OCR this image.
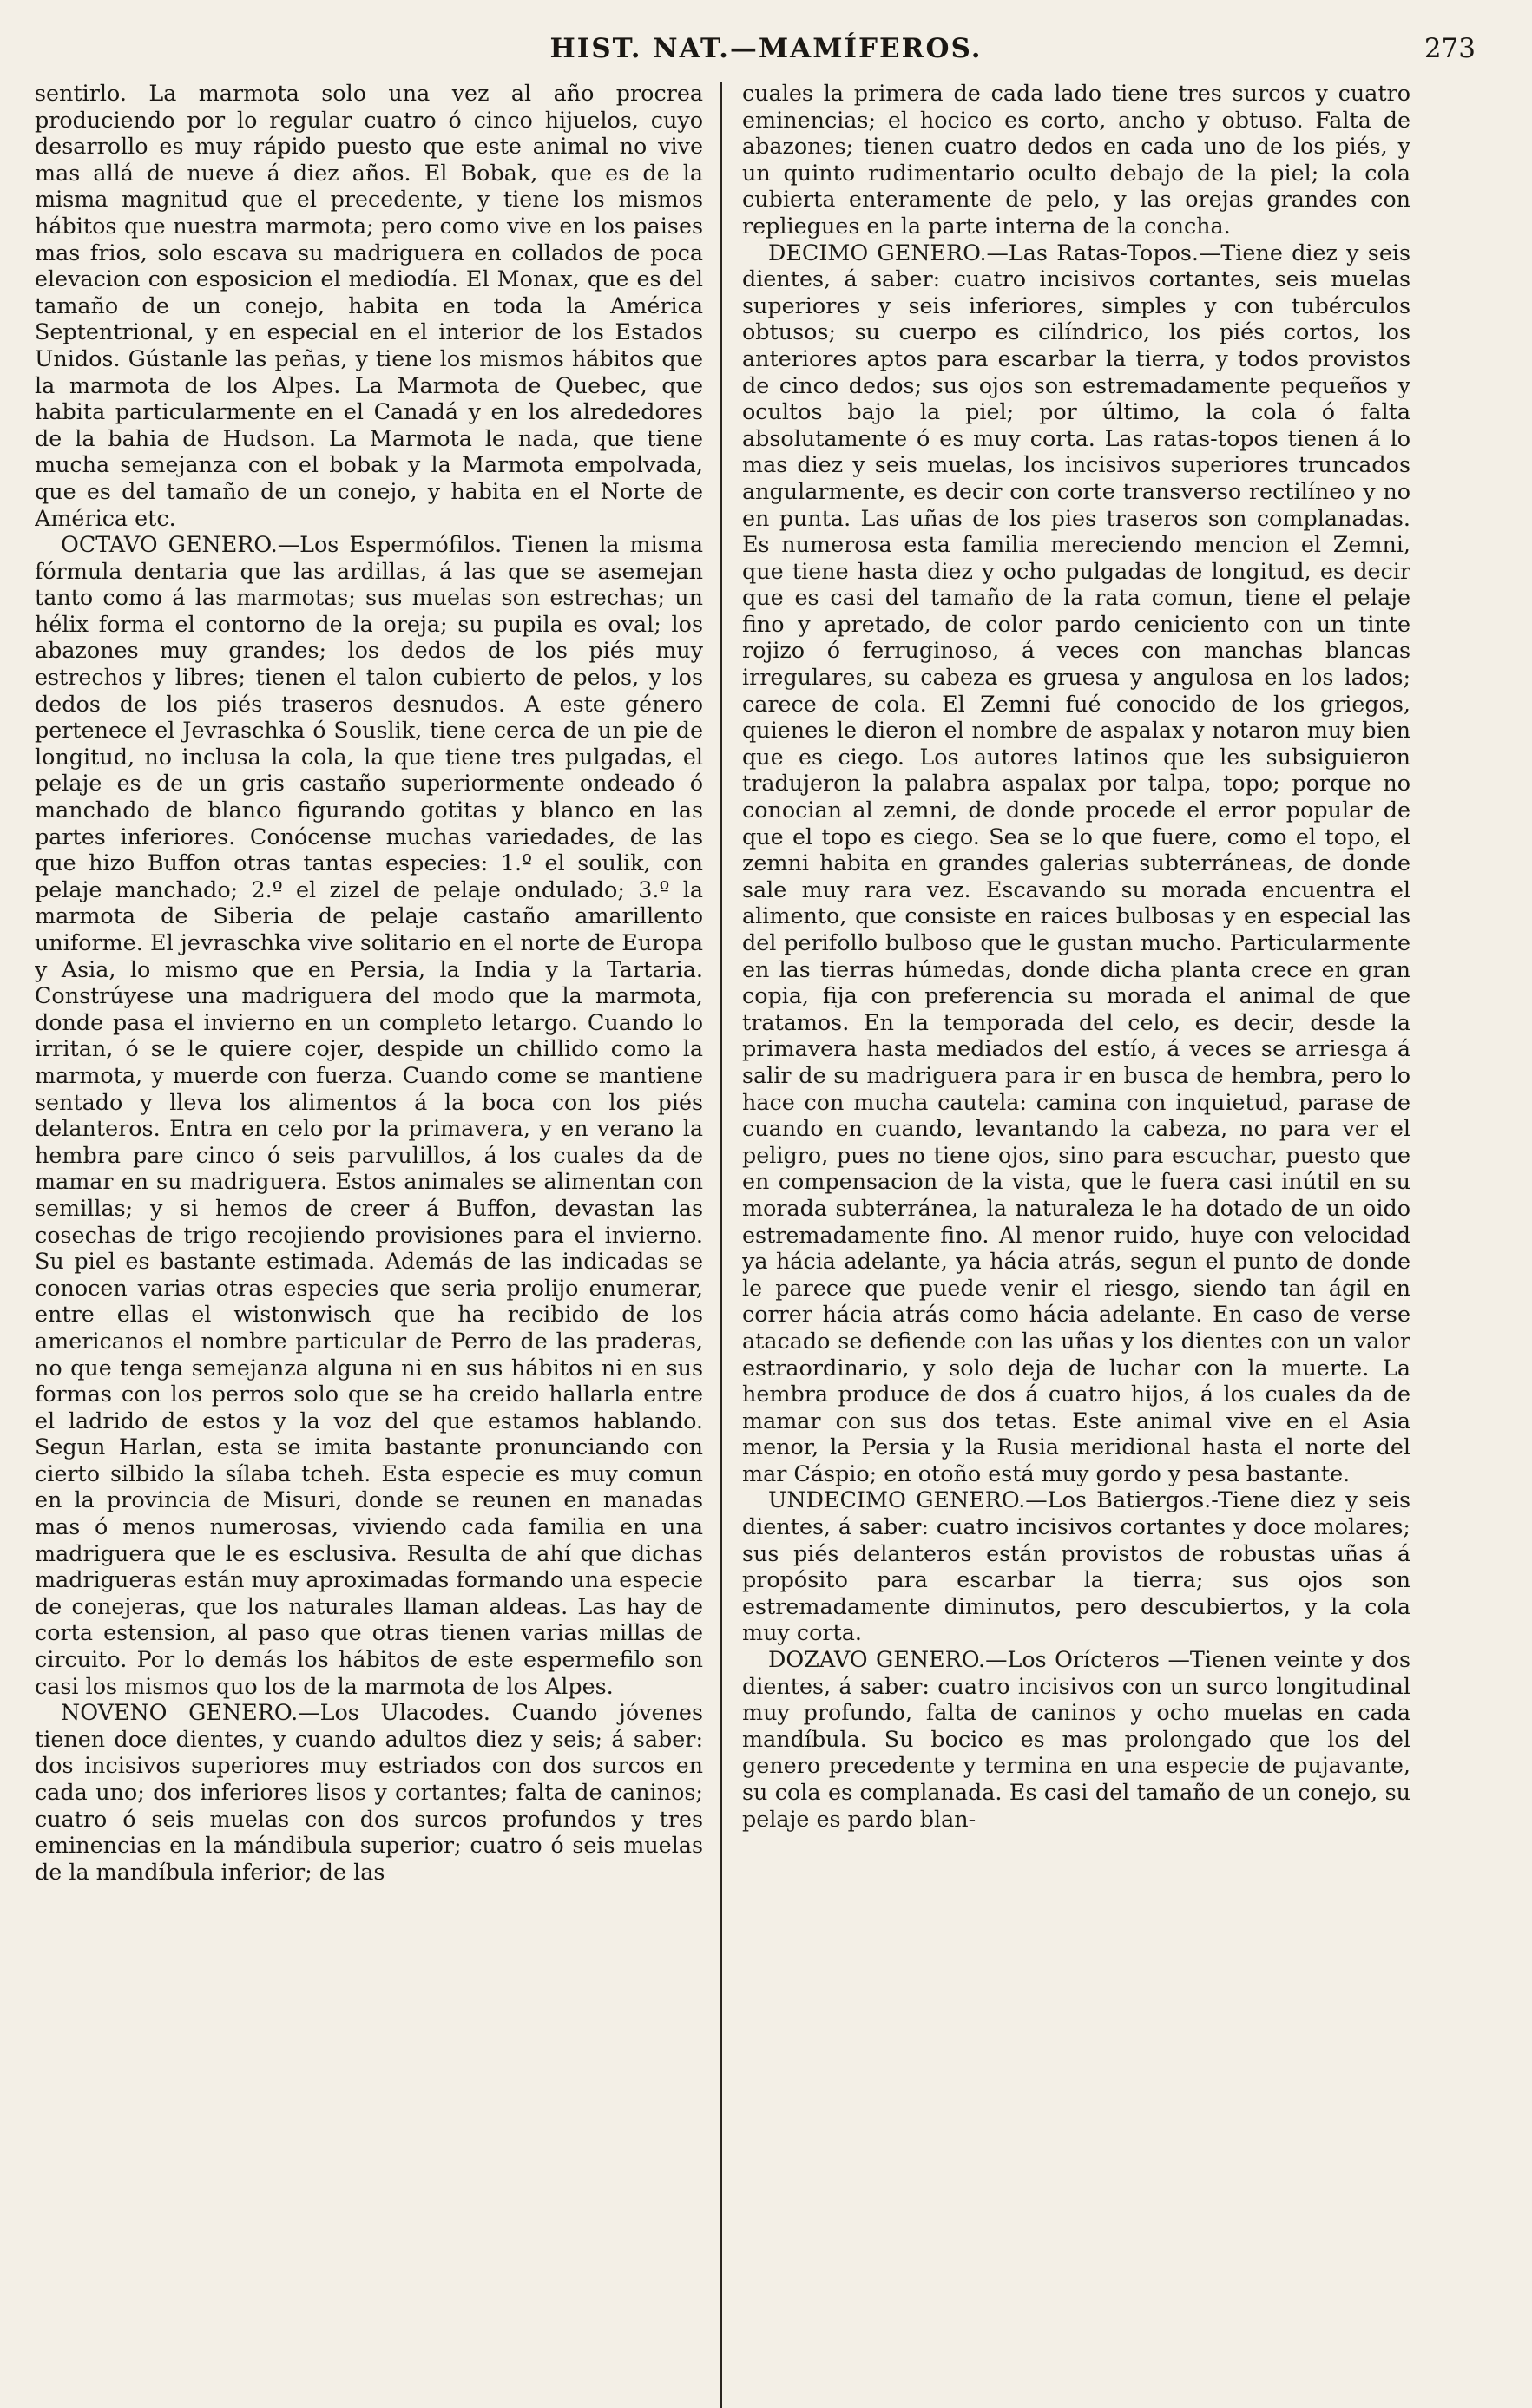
HIST. NAT.—MAMÍFEROS.	273

sentirlo. La marmota solo una vez al año procrea produciendo por lo regular cuatro ó cinco hijuelos, cuyo desarrollo es muy rápido puesto que este animal no vive mas allá de nueve á diez años. El Bobak, que es de la misma magnitud que el precedente, y tiene los mismos hábitos que nuestra marmota; pero como vive en los paises mas frios, solo escava su madriguera en collados de poca elevacion con esposicion el mediodía. El Monax, que es del tamaño de un conejo, habita en toda la América Septentrional, y en especial en el interior de los Estados Unidos. Gústanle las peñas, y tiene los mismos hábitos que la marmota de los Alpes. La Marmota de Quebec, que habita particularmente en el Canadá y en los alrededores de la bahia de Hudson. La Marmota le nada, que tiene mucha semejanza con el bobak y la Marmota empolvada, que es del tamaño de un conejo, y habita en el Norte de América etc.

OCTAVO GENERO.—Los Espermófilos. Tienen la misma fórmula dentaria que las ardillas, á las que se asemejan tanto como á las marmotas; sus muelas son estrechas; un hélix forma el contorno de la oreja; su pupila es oval; los abazones muy grandes; los dedos de los piés muy estrechos y libres; tienen el talon cubierto de pelos, y los dedos de los piés traseros desnudos. A este género pertenece el Jevraschka ó Souslik, tiene cerca de un pie de longitud, no inclusa la cola, la que tiene tres pulgadas, el pelaje es de un gris castaño superiormente ondeado ó manchado de blanco figurando gotitas y blanco en las partes inferiores. Conócense muchas variedades, de las que hizo Buffon otras tantas especies: 1.º el soulik, con pelaje manchado; 2.º el zizel de pelaje ondulado; 3.º la marmota de Siberia de pelaje castaño amarillento uniforme. El jevraschka vive solitario en el norte de Europa y Asia, lo mismo que en Persia, la India y la Tartaria. Constrúyese una madriguera del modo que la marmota, donde pasa el invierno en un completo letargo. Cuando lo irritan, ó se le quiere cojer, despide un chillido como la marmota, y muerde con fuerza. Cuando come se mantiene sentado y lleva los alimentos á la boca con los piés delanteros. Entra en celo por la primavera, y en verano la hembra pare cinco ó seis parvulillos, á los cuales da de mamar en su madriguera. Estos animales se alimentan con semillas; y si hemos de creer á Buffon, devastan las cosechas de trigo recojiendo provisiones para el invierno. Su piel es bastante estimada. Además de las indicadas se conocen varias otras especies que seria prolijo enumerar, entre ellas el wistonwisch que ha recibido de los americanos el nombre particular de Perro de las praderas, no que tenga semejanza alguna ni en sus hábitos ni en sus formas con los perros solo que se ha creido hallarla entre el ladrido de estos y la voz del que estamos hablando. Segun Harlan, esta se imita bastante pronunciando con cierto silbido la sílaba tcheh. Esta especie es muy comun en la provincia de Misuri, donde se reunen en manadas mas ó menos numerosas, viviendo cada familia en una madriguera que le es esclusiva. Resulta de ahí que dichas madrigueras están muy aproximadas formando una especie de conejeras, que los naturales llaman aldeas. Las hay de corta estension, al paso que otras tienen varias millas de circuito. Por lo demás los hábitos de este espermefilo son casi los mismos quo los de la marmota de los Alpes.

NOVENO GENERO.—Los Ulacodes. Cuando jóvenes tienen doce dientes, y cuando adultos diez y seis; á saber: dos incisivos superiores muy estriados con dos surcos en cada uno; dos inferiores lisos y cortantes; falta de caninos; cuatro ó seis muelas con dos surcos profundos y tres eminencias en la mándibula superior; cuatro ó seis muelas de la mandíbula inferior; de las

cuales la primera de cada lado tiene tres surcos y cuatro eminencias; el hocico es corto, ancho y obtuso. Falta de abazones; tienen cuatro dedos en cada uno de los piés, y un quinto rudimentario oculto debajo de la piel; la cola cubierta enteramente de pelo, y las orejas grandes con repliegues en la parte interna de la concha.

DECIMO GENERO.—Las Ratas-Topos.—Tiene diez y seis dientes, á saber: cuatro incisivos cortantes, seis muelas superiores y seis inferiores, simples y con tubérculos obtusos; su cuerpo es cilíndrico, los piés cortos, los anteriores aptos para escarbar la tierra, y todos provistos de cinco dedos; sus ojos son estremadamente pequeños y ocultos bajo la piel; por último, la cola ó falta absolutamente ó es muy corta. Las ratas-topos tienen á lo mas diez y seis muelas, los incisivos superiores truncados angularmente, es decir con corte transverso rectilíneo y no en punta. Las uñas de los pies traseros son complanadas. Es numerosa esta familia mereciendo mencion el Zemni, que tiene hasta diez y ocho pulgadas de longitud, es decir que es casi del tamaño de la rata comun, tiene el pelaje fino y apretado, de color pardo ceniciento con un tinte rojizo ó ferruginoso, á veces con manchas blancas irregulares, su cabeza es gruesa y angulosa en los lados; carece de cola. El Zemni fué conocido de los griegos, quienes le dieron el nombre de aspalax y notaron muy bien que es ciego. Los autores latinos que les subsiguieron tradujeron la palabra aspalax por talpa, topo; porque no conocian al zemni, de donde procede el error popular de que el topo es ciego. Sea se lo que fuere, como el topo, el zemni habita en grandes galerias subterráneas, de donde sale muy rara vez. Escavando su morada encuentra el alimento, que consiste en raices bulbosas y en especial las del perifollo bulboso que le gustan mucho. Particularmente en las tierras húmedas, donde dicha planta crece en gran copia, fija con preferencia su morada el animal de que tratamos. En la temporada del celo, es decir, desde la primavera hasta mediados del estío, á veces se arriesga á salir de su madriguera para ir en busca de hembra, pero lo hace con mucha cautela: camina con inquietud, parase de cuando en cuando, levantando la cabeza, no para ver el peligro, pues no tiene ojos, sino para escuchar, puesto que en compensacion de la vista, que le fuera casi inútil en su morada subterránea, la naturaleza le ha dotado de un oido estremadamente fino. Al menor ruido, huye con velocidad ya hácia adelante, ya hácia atrás, segun el punto de donde le parece que puede venir el riesgo, siendo tan ágil en correr hácia atrás como hácia adelante. En caso de verse atacado se defiende con las uñas y los dientes con un valor estraordinario, y solo deja de luchar con la muerte. La hembra produce de dos á cuatro hijos, á los cuales da de mamar con sus dos tetas. Este animal vive en el Asia menor, la Persia y la Rusia meridional hasta el norte del mar Cáspio; en otoño está muy gordo y pesa bastante.

UNDECIMO GENERO.—Los Batiergos.-Tiene diez y seis dientes, á saber: cuatro incisivos cortantes y doce molares; sus piés delanteros están provistos de robustas uñas á propósito para escarbar la tierra; sus ojos son estremadamente diminutos, pero descubiertos, y la cola muy corta.

DOZAVO GENERO.—Los Orícteros —Tienen veinte y dos dientes, á saber: cuatro incisivos con un surco longitudinal muy profundo, falta de caninos y ocho muelas en cada mandíbula. Su bocico es mas prolongado que los del genero precedente y termina en una especie de pujavante, su cola es complanada. Es casi del tamaño de un conejo, su pelaje es pardo blan-
